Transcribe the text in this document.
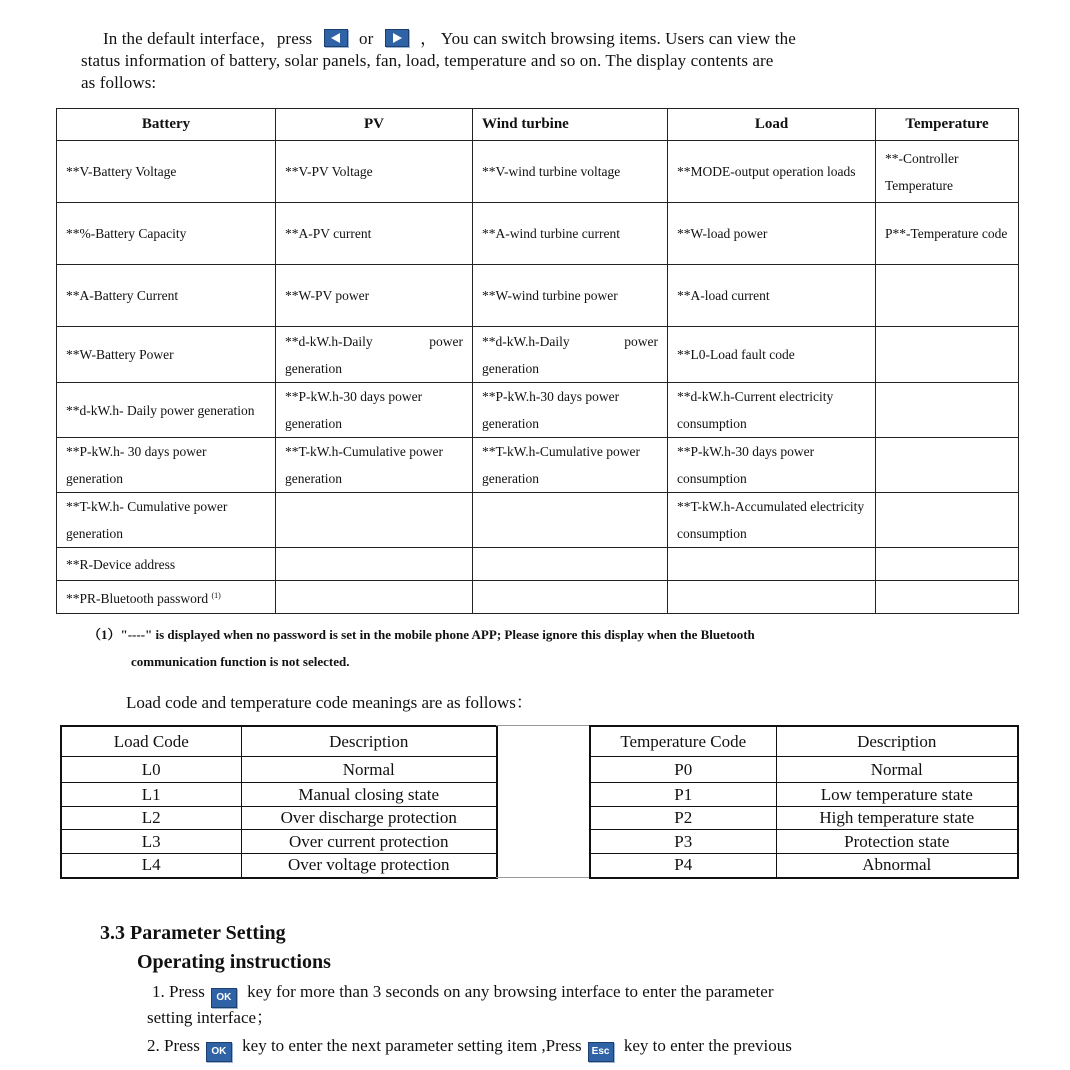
In the default interface，press	or	， You can switch browsing items. Users can view the
status information of battery, solar panels, fan, load, temperature and so on. The display contents are
as follows:
Battery	PV	Wind turbine	Load	Temperature
**V-Battery Voltage	**V-PV Voltage	**V-wind turbine voltage	**MODE-output operation loads	**-Controller Temperature
**%-Battery Capacity	**A-PV current	**A-wind turbine current	**W-load power	P**-Temperature code
**A-Battery Current	**W-PV power	**W-wind turbine power	**A-load current	
**W-Battery Power	**d-kW.h-Daily power generation	**d-kW.h-Daily power generation	**L0-Load fault code	
**d-kW.h- Daily power generation	**P-kW.h-30 days power generation	**P-kW.h-30 days power generation	**d-kW.h-Current electricity consumption	
**P-kW.h- 30 days power generation	**T-kW.h-Cumulative power generation	**T-kW.h-Cumulative power generation	**P-kW.h-30 days power consumption	
**T-kW.h- Cumulative power generation			**T-kW.h-Accumulated electricity consumption	
**R-Device address				
**PR-Bluetooth password $^{(1)}$				
（1）"----" is displayed when no password is set in the mobile phone APP; Please ignore this display when the Bluetooth
communication function is not selected.
Load code and temperature code meanings are as follows：
Load Code	Description
L0	Normal
L1	Manual closing state
L2	Over discharge protection
L3	Over current protection
L4	Over voltage protection
Temperature Code	Description
P0	Normal
P1	Low temperature state
P2	High temperature state
P3	Protection state
P4	Abnormal
3.3 Parameter Setting
Operating instructions
1. Press OK key for more than 3 seconds on any browsing interface to enter the parameter
setting interface；
2. Press OK key to enter the next parameter setting item ,Press Esc key to enter the previous
